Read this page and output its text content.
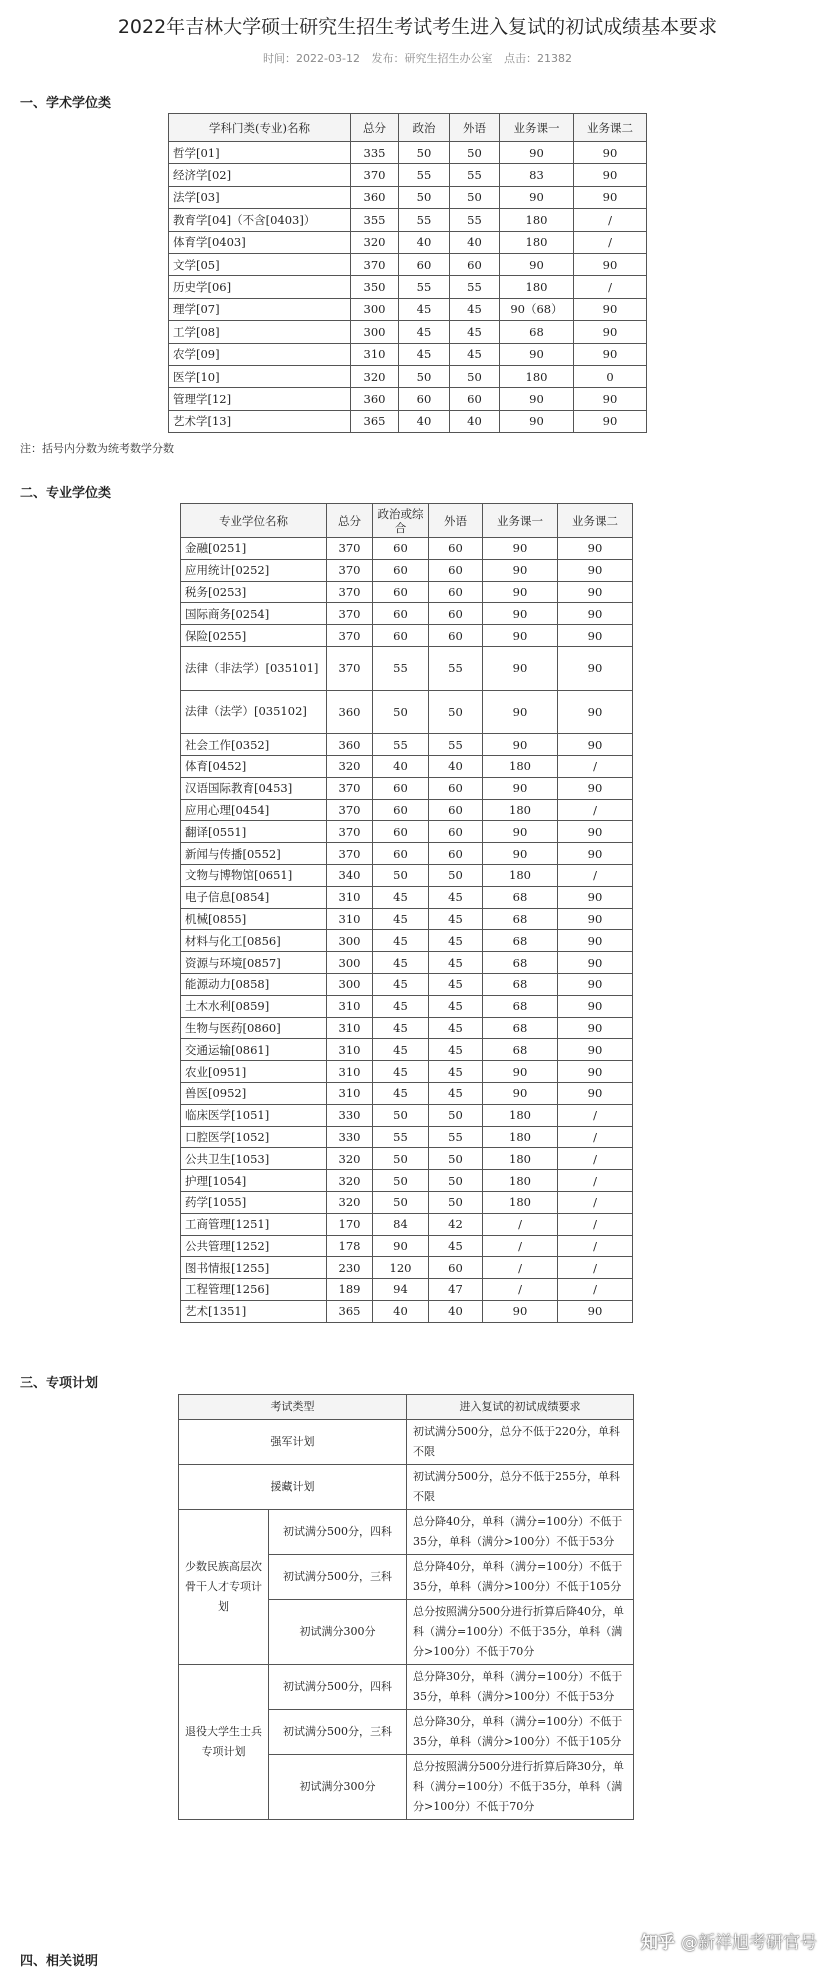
2022年吉林大学硕士研究生招生考试考生进入复试的初试成绩基本要求
时间：2022-03-12 发布：研究生招生办公室 点击：21382
一、学术学位类
学科门类(专业)名称	总分	政治	外语	业务课一	业务课二
哲学[01]	335	50	50	90	90
经济学[02]	370	55	55	83	90
法学[03]	360	50	50	90	90
教育学[04]（不含[0403]）	355	55	55	180	/
体育学[0403]	320	40	40	180	/
文学[05]	370	60	60	90	90
历史学[06]	350	55	55	180	/
理学[07]	300	45	45	90（68）	90
工学[08]	300	45	45	68	90
农学[09]	310	45	45	90	90
医学[10]	320	50	50	180	0
管理学[12]	360	60	60	90	90
艺术学[13]	365	40	40	90	90
注：括号内分数为统考数学分数
二、专业学位类
专业学位名称	总分	政治或综合	外语	业务课一	业务课二
金融[0251]	370	60	60	90	90
应用统计[0252]	370	60	60	90	90
税务[0253]	370	60	60	90	90
国际商务[0254]	370	60	60	90	90
保险[0255]	370	60	60	90	90
法律（非法学）[035101]	370	55	55	90	90
法律（法学）[035102]	360	50	50	90	90
社会工作[0352]	360	55	55	90	90
体育[0452]	320	40	40	180	/
汉语国际教育[0453]	370	60	60	90	90
应用心理[0454]	370	60	60	180	/
翻译[0551]	370	60	60	90	90
新闻与传播[0552]	370	60	60	90	90
文物与博物馆[0651]	340	50	50	180	/
电子信息[0854]	310	45	45	68	90
机械[0855]	310	45	45	68	90
材料与化工[0856]	300	45	45	68	90
资源与环境[0857]	300	45	45	68	90
能源动力[0858]	300	45	45	68	90
土木水利[0859]	310	45	45	68	90
生物与医药[0860]	310	45	45	68	90
交通运输[0861]	310	45	45	68	90
农业[0951]	310	45	45	90	90
兽医[0952]	310	45	45	90	90
临床医学[1051]	330	50	50	180	/
口腔医学[1052]	330	55	55	180	/
公共卫生[1053]	320	50	50	180	/
护理[1054]	320	50	50	180	/
药学[1055]	320	50	50	180	/
工商管理[1251]	170	84	42	/	/
公共管理[1252]	178	90	45	/	/
图书情报[1255]	230	120	60	/	/
工程管理[1256]	189	94	47	/	/
艺术[1351]	365	40	40	90	90
三、专项计划
考试类型		进入复试的初试成绩要求
强军计划		初试满分500分，总分不低于220分，单科不限
援藏计划		初试满分500分，总分不低于255分，单科不限
少数民族高层次骨干人才专项计划	初试满分500分，四科	总分降40分，单科（满分=100分）不低于35分，单科（满分>100分）不低于53分
	初试满分500分，三科	总分降40分，单科（满分=100分）不低于35分，单科（满分>100分）不低于105分
	初试满分300分	总分按照满分500分进行折算后降40分，单科（满分=100分）不低于35分，单科（满分>100分）不低于70分
退役大学生士兵专项计划	初试满分500分，四科	总分降30分，单科（满分=100分）不低于35分，单科（满分>100分）不低于53分
	初试满分500分，三科	总分降30分，单科（满分=100分）不低于35分，单科（满分>100分）不低于105分
	初试满分300分	总分按照满分500分进行折算后降30分，单科（满分=100分）不低于35分，单科（满分>100分）不低于70分
四、相关说明
知乎 @新祥旭考研官号
